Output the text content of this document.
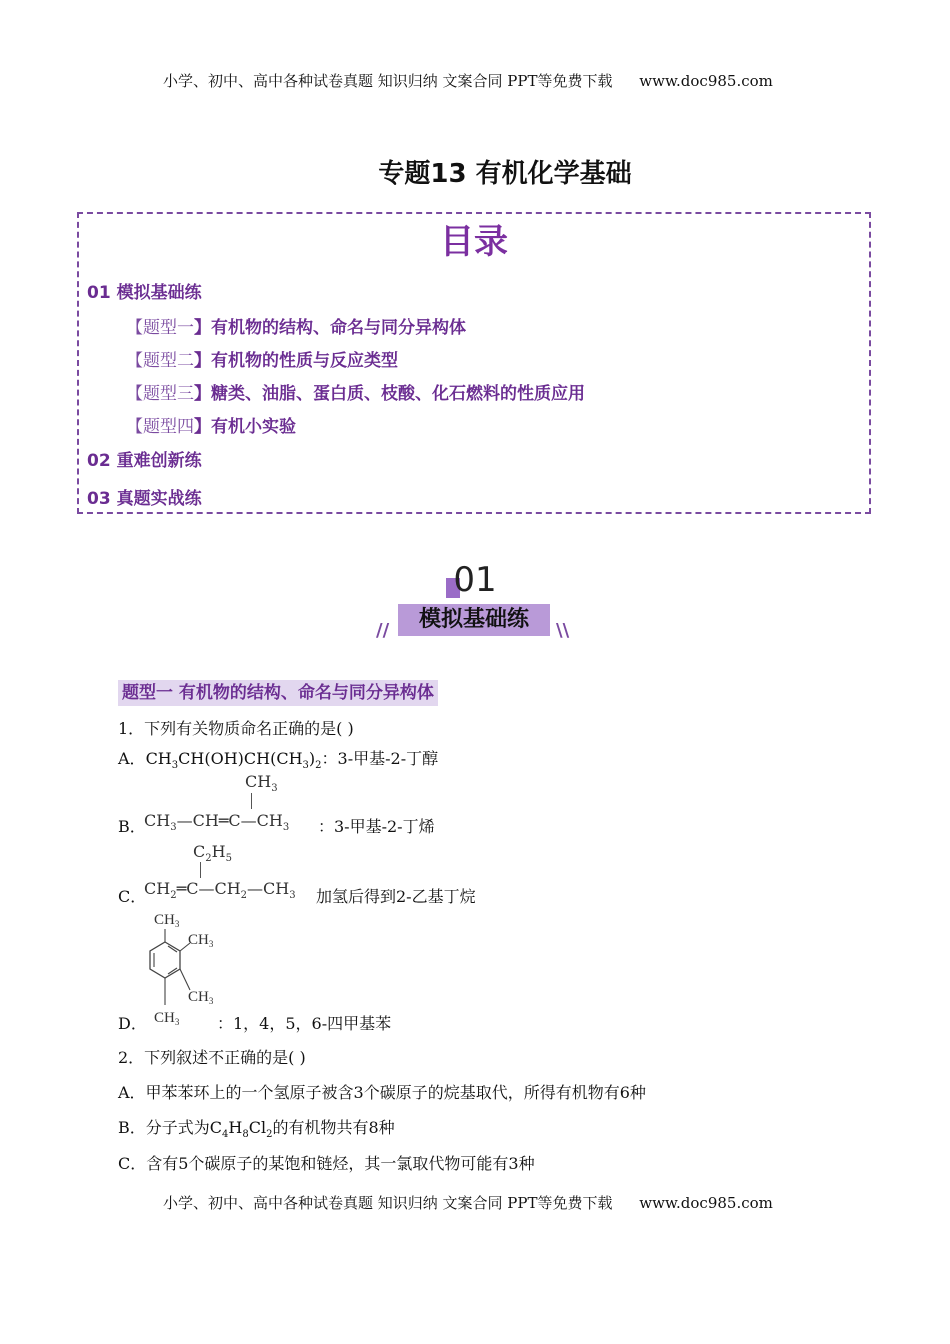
小学、初中、高中各种试卷真题 知识归纳 文案合同 PPT等免费下载 www.doc985.com
专题13 有机化学基础
目录
01 模拟基础练
【题型一】有机物的结构、命名与同分异构体
【题型二】有机物的性质与反应类型
【题型三】糖类、油脂、蛋白质、枝酸、化石燃料的性质应用
【题型四】有机小实验
02 重难创新练
03 真题实战练
01
模拟基础练
//	\\
题型一 有机物的结构、命名与同分异构体
1．下列有关物质命名正确的是( )
A．$CH_3CH(OH)CH(CH_3)_2$：3-甲基-2-丁醇
B．
$CH_3$
$CH_3—CH═C—CH_3$ ：3-甲基-2-丁烯
C．
$C_2H_5$
$CH_2═C—CH_2—CH_3$ 加氢后得到2-乙基丁烷
D．
$CH_3$
$CH_3$
$CH_3$
$CH_3$ ：1，4，5，6-四甲基苯
2．下列叙述不正确的是( )
A．甲苯苯环上的一个氢原子被含3个碳原子的烷基取代，所得有机物有6种
B．分子式为$C_4H_8Cl_2$的有机物共有8种
C．含有5个碳原子的某饱和链烃，其一氯取代物可能有3种
小学、初中、高中各种试卷真题 知识归纳 文案合同 PPT等免费下载 www.doc985.com
